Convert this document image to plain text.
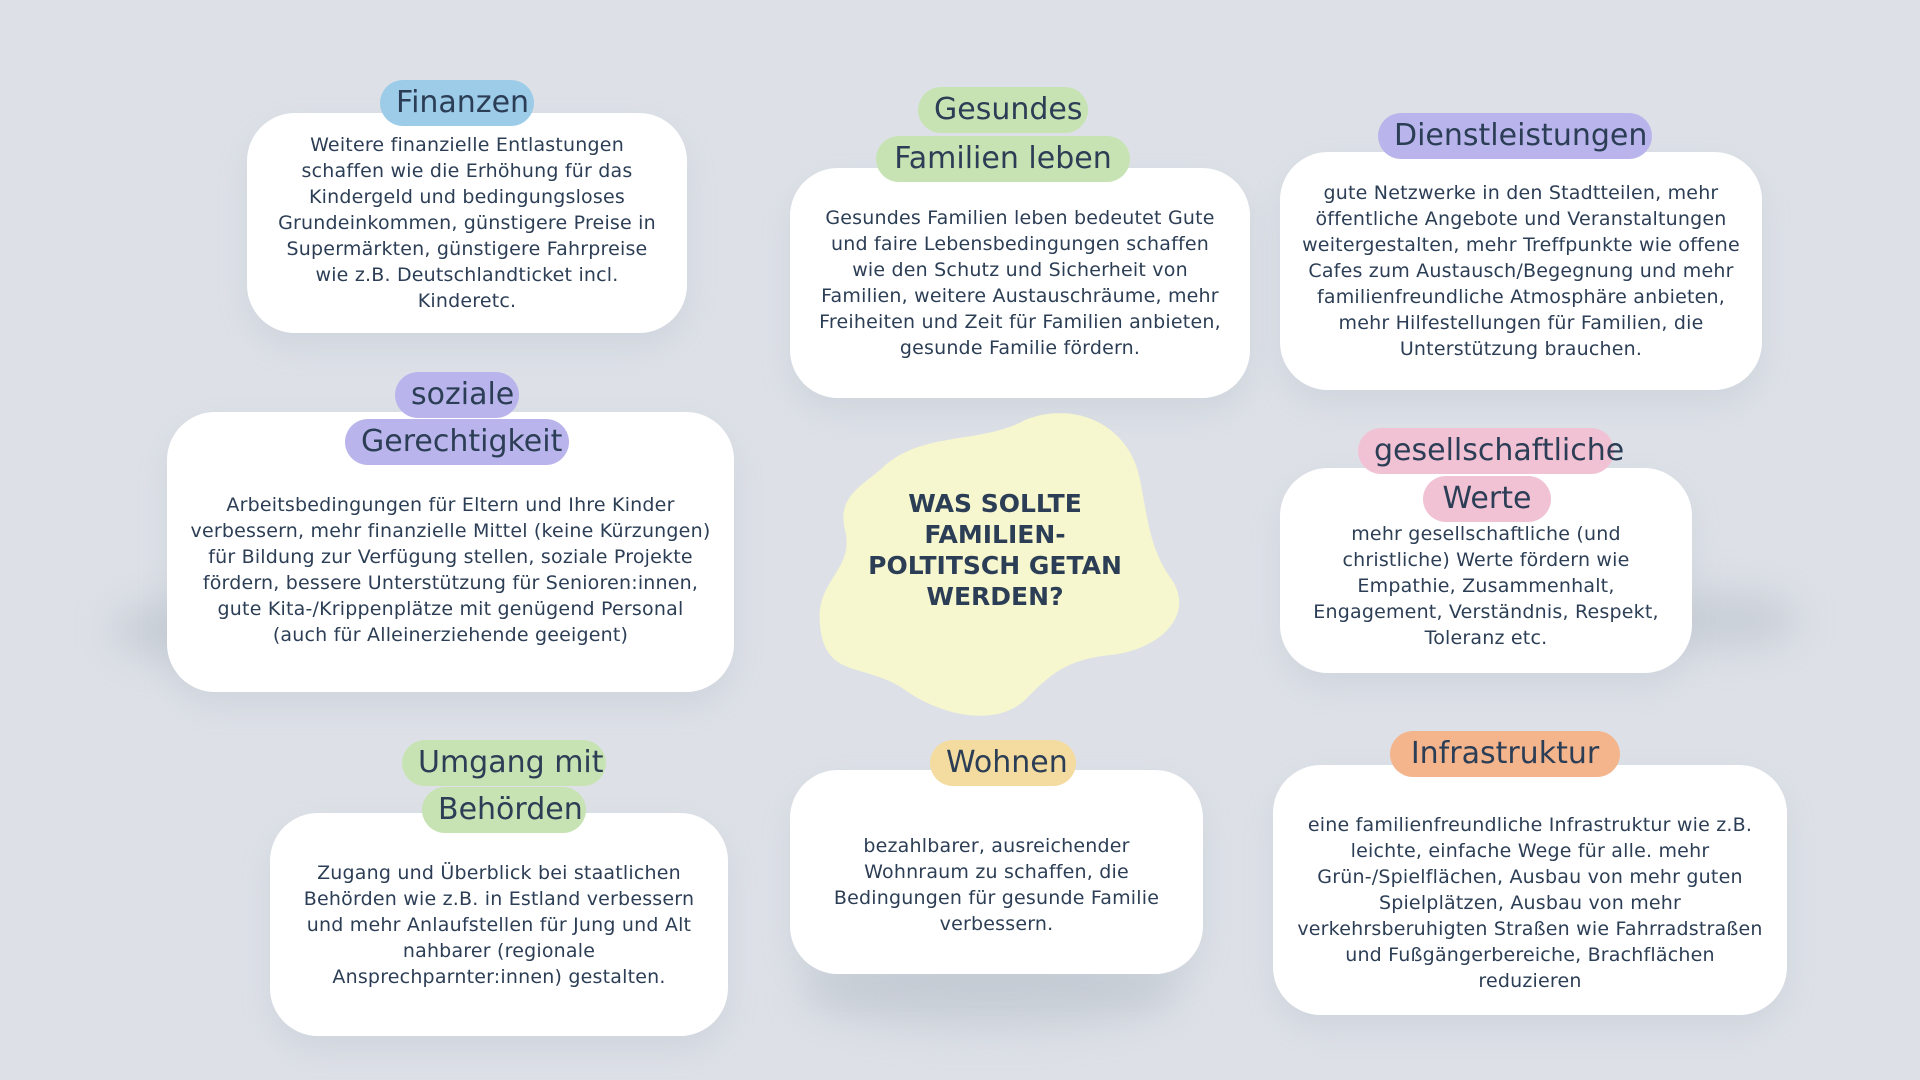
Weitere finanzielle Entlastungen schaffen wie die Erhöhung für das Kindergeld und bedingungsloses Grundeinkommen, günstigere Preise in Supermärkten, günstigere Fahrpreise wie z.B. Deutschlandticket incl. Kinderetc.
Finanzen
Gesundes Familien leben bedeutet Gute und faire Lebensbedingungen schaffen wie den Schutz und Sicherheit von Familien, weitere Austauschräume, mehr Freiheiten und Zeit für Familien anbieten, gesunde Familie fördern.
Gesundes
Familien leben
gute Netzwerke in den Stadtteilen, mehr öffentliche Angebote und Veranstaltungen weitergestalten, mehr Treffpunkte wie offene Cafes zum Austausch/Begegnung und mehr familienfreundliche Atmosphäre anbieten, mehr Hilfestellungen für Familien, die Unterstützung brauchen.
Dienstleistungen
Arbeitsbedingungen für Eltern und Ihre Kinder verbessern, mehr finanzielle Mittel (keine Kürzungen) für Bildung zur Verfügung stellen, soziale Projekte fördern, bessere Unterstützung für Senioren:innen, gute Kita-/Krippenplätze mit genügend Personal (auch für Alleinerziehende geeigent)
soziale
Gerechtigkeit
WAS SOLLTE FAMILIEN-POLTITSCH GETAN WERDEN?
mehr gesellschaftliche (und christliche) Werte fördern wie Empathie, Zusammenhalt, Engagement, Verständnis, Respekt, Toleranz etc.
gesellschaftliche
Werte
Zugang und Überblick bei staatlichen Behörden wie z.B. in Estland verbessern und mehr Anlaufstellen für Jung und Alt nahbarer (regionale Ansprechparnter:innen) gestalten.
Umgang mit
Behörden
bezahlbarer, ausreichender Wohnraum zu schaffen, die Bedingungen für gesunde Familie verbessern.
Wohnen
eine familienfreundliche Infrastruktur wie z.B. leichte, einfache Wege für alle. mehr Grün-/Spielflächen, Ausbau von mehr guten Spielplätzen, Ausbau von mehr verkehrsberuhigten Straßen wie Fahrradstraßen und Fußgängerbereiche, Brachflächen reduzieren
Infrastruktur
